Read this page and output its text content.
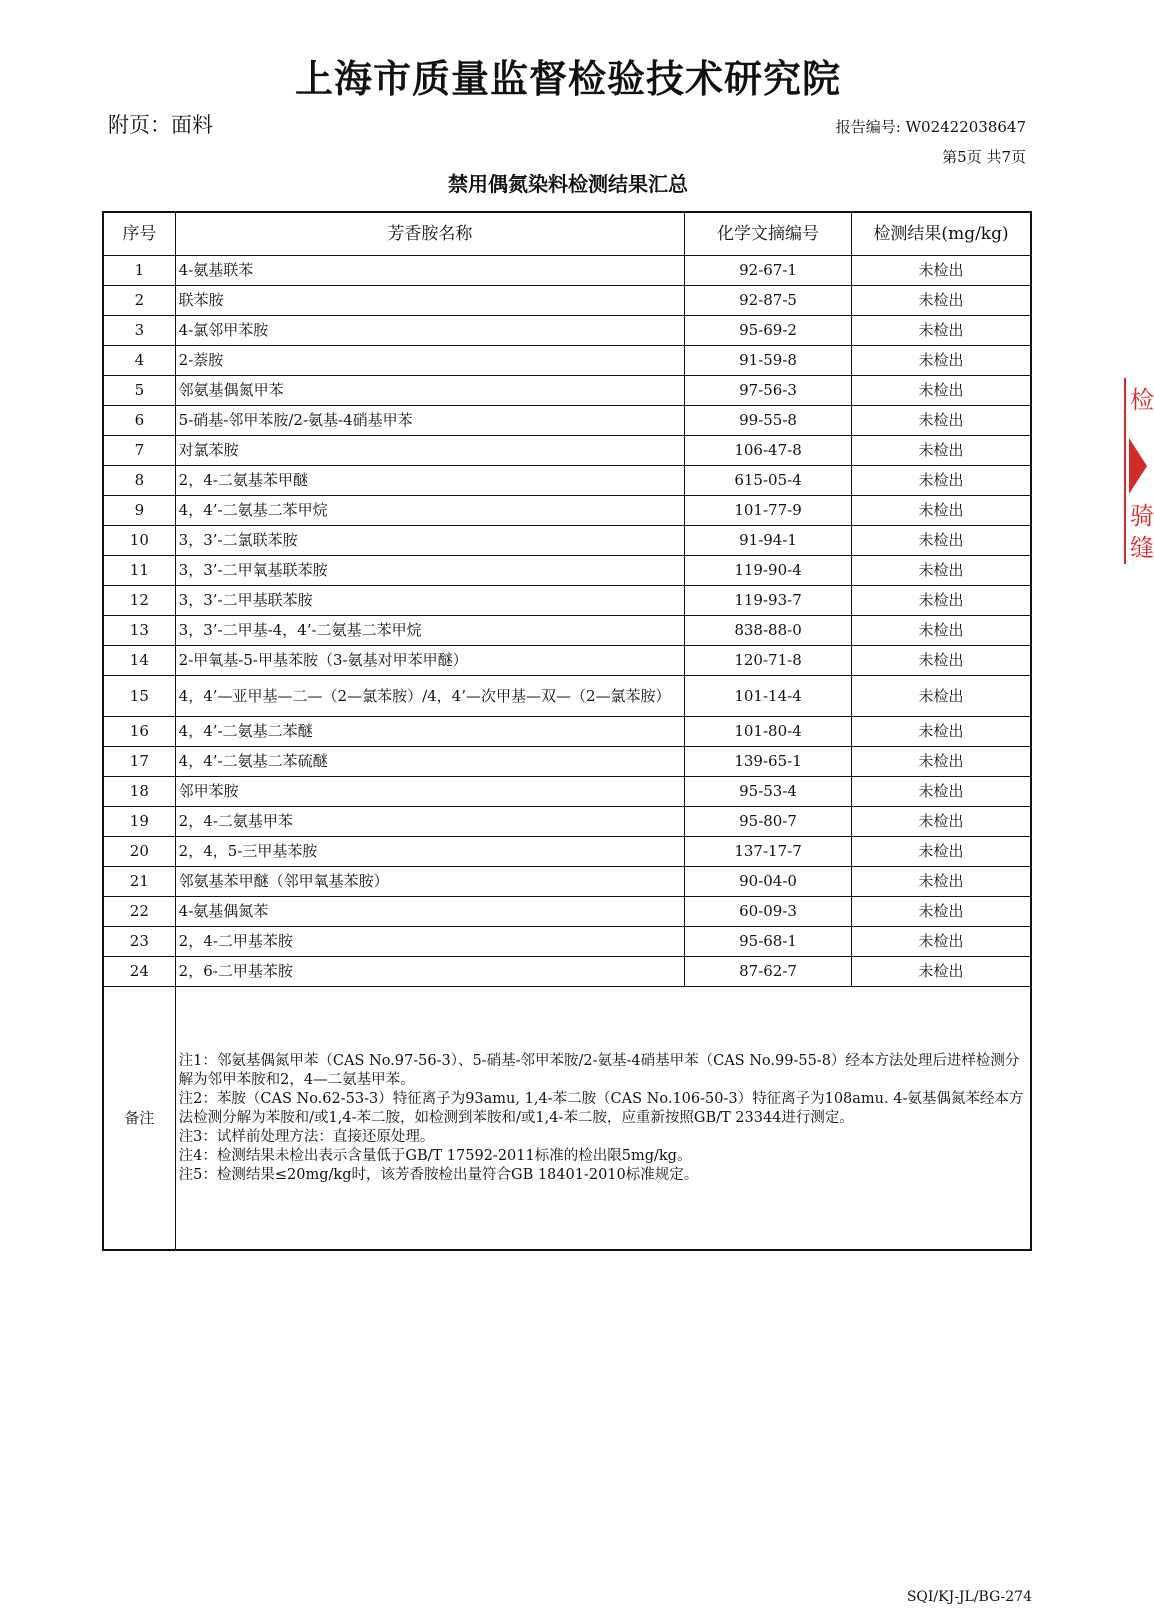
上海市质量监督检验技术研究院
附页：面料	报告编号: W02422038647
第5页 共7页
禁用偶氮染料检测结果汇总
序号	芳香胺名称	化学文摘编号	检测结果(mg/kg)
1	4-氨基联苯	92-67-1	未检出
2	联苯胺	92-87-5	未检出
3	4-氯邻甲苯胺	95-69-2	未检出
4	2-萘胺	91-59-8	未检出
5	邻氨基偶氮甲苯	97-56-3	未检出
6	5-硝基-邻甲苯胺/2-氨基-4硝基甲苯	99-55-8	未检出
7	对氯苯胺	106-47-8	未检出
8	2，4-二氨基苯甲醚	615-05-4	未检出
9	4，4’-二氨基二苯甲烷	101-77-9	未检出
10	3，3’-二氯联苯胺	91-94-1	未检出
11	3，3’-二甲氧基联苯胺	119-90-4	未检出
12	3，3’-二甲基联苯胺	119-93-7	未检出
13	3，3’-二甲基-4，4’-二氨基二苯甲烷	838-88-0	未检出
14	2-甲氧基-5-甲基苯胺（3-氨基对甲苯甲醚）	120-71-8	未检出
15	4，4’—亚甲基—二—（2—氯苯胺）/4，4’—次甲基—双—（2—氯苯胺）	101-14-4	未检出
16	4，4’-二氨基二苯醚	101-80-4	未检出
17	4，4’-二氨基二苯硫醚	139-65-1	未检出
18	邻甲苯胺	95-53-4	未检出
19	2，4-二氨基甲苯	95-80-7	未检出
20	2，4，5-三甲基苯胺	137-17-7	未检出
21	邻氨基苯甲醚（邻甲氧基苯胺）	90-04-0	未检出
22	4-氨基偶氮苯	60-09-3	未检出
23	2，4-二甲基苯胺	95-68-1	未检出
24	2，6-二甲基苯胺	87-62-7	未检出
备注	注1：邻氨基偶氮甲苯（CAS No.97-56-3）、5-硝基-邻甲苯胺/2-氨基-4硝基甲苯（CAS No.99-55-8）经本方法处理后进样检测分解为邻甲苯胺和2，4—二氨基甲苯。
注2：苯胺（CAS No.62-53-3）特征离子为93amu, 1,4-苯二胺（CAS No.106-50-3）特征离子为108amu. 4-氨基偶氮苯经本方法检测分解为苯胺和/或1,4-苯二胺，如检测到苯胺和/或1,4-苯二胺，应重新按照GB/T 23344进行测定。
注3：试样前处理方法：直接还原处理。
注4：检测结果未检出表示含量低于GB/T 17592-2011标准的检出限5mg/kg。
注5：检测结果≤20mg/kg时，该芳香胺检出量符合GB 18401-2010标准规定。		
检
骑
缝
SQI/KJ-JL/BG-274
